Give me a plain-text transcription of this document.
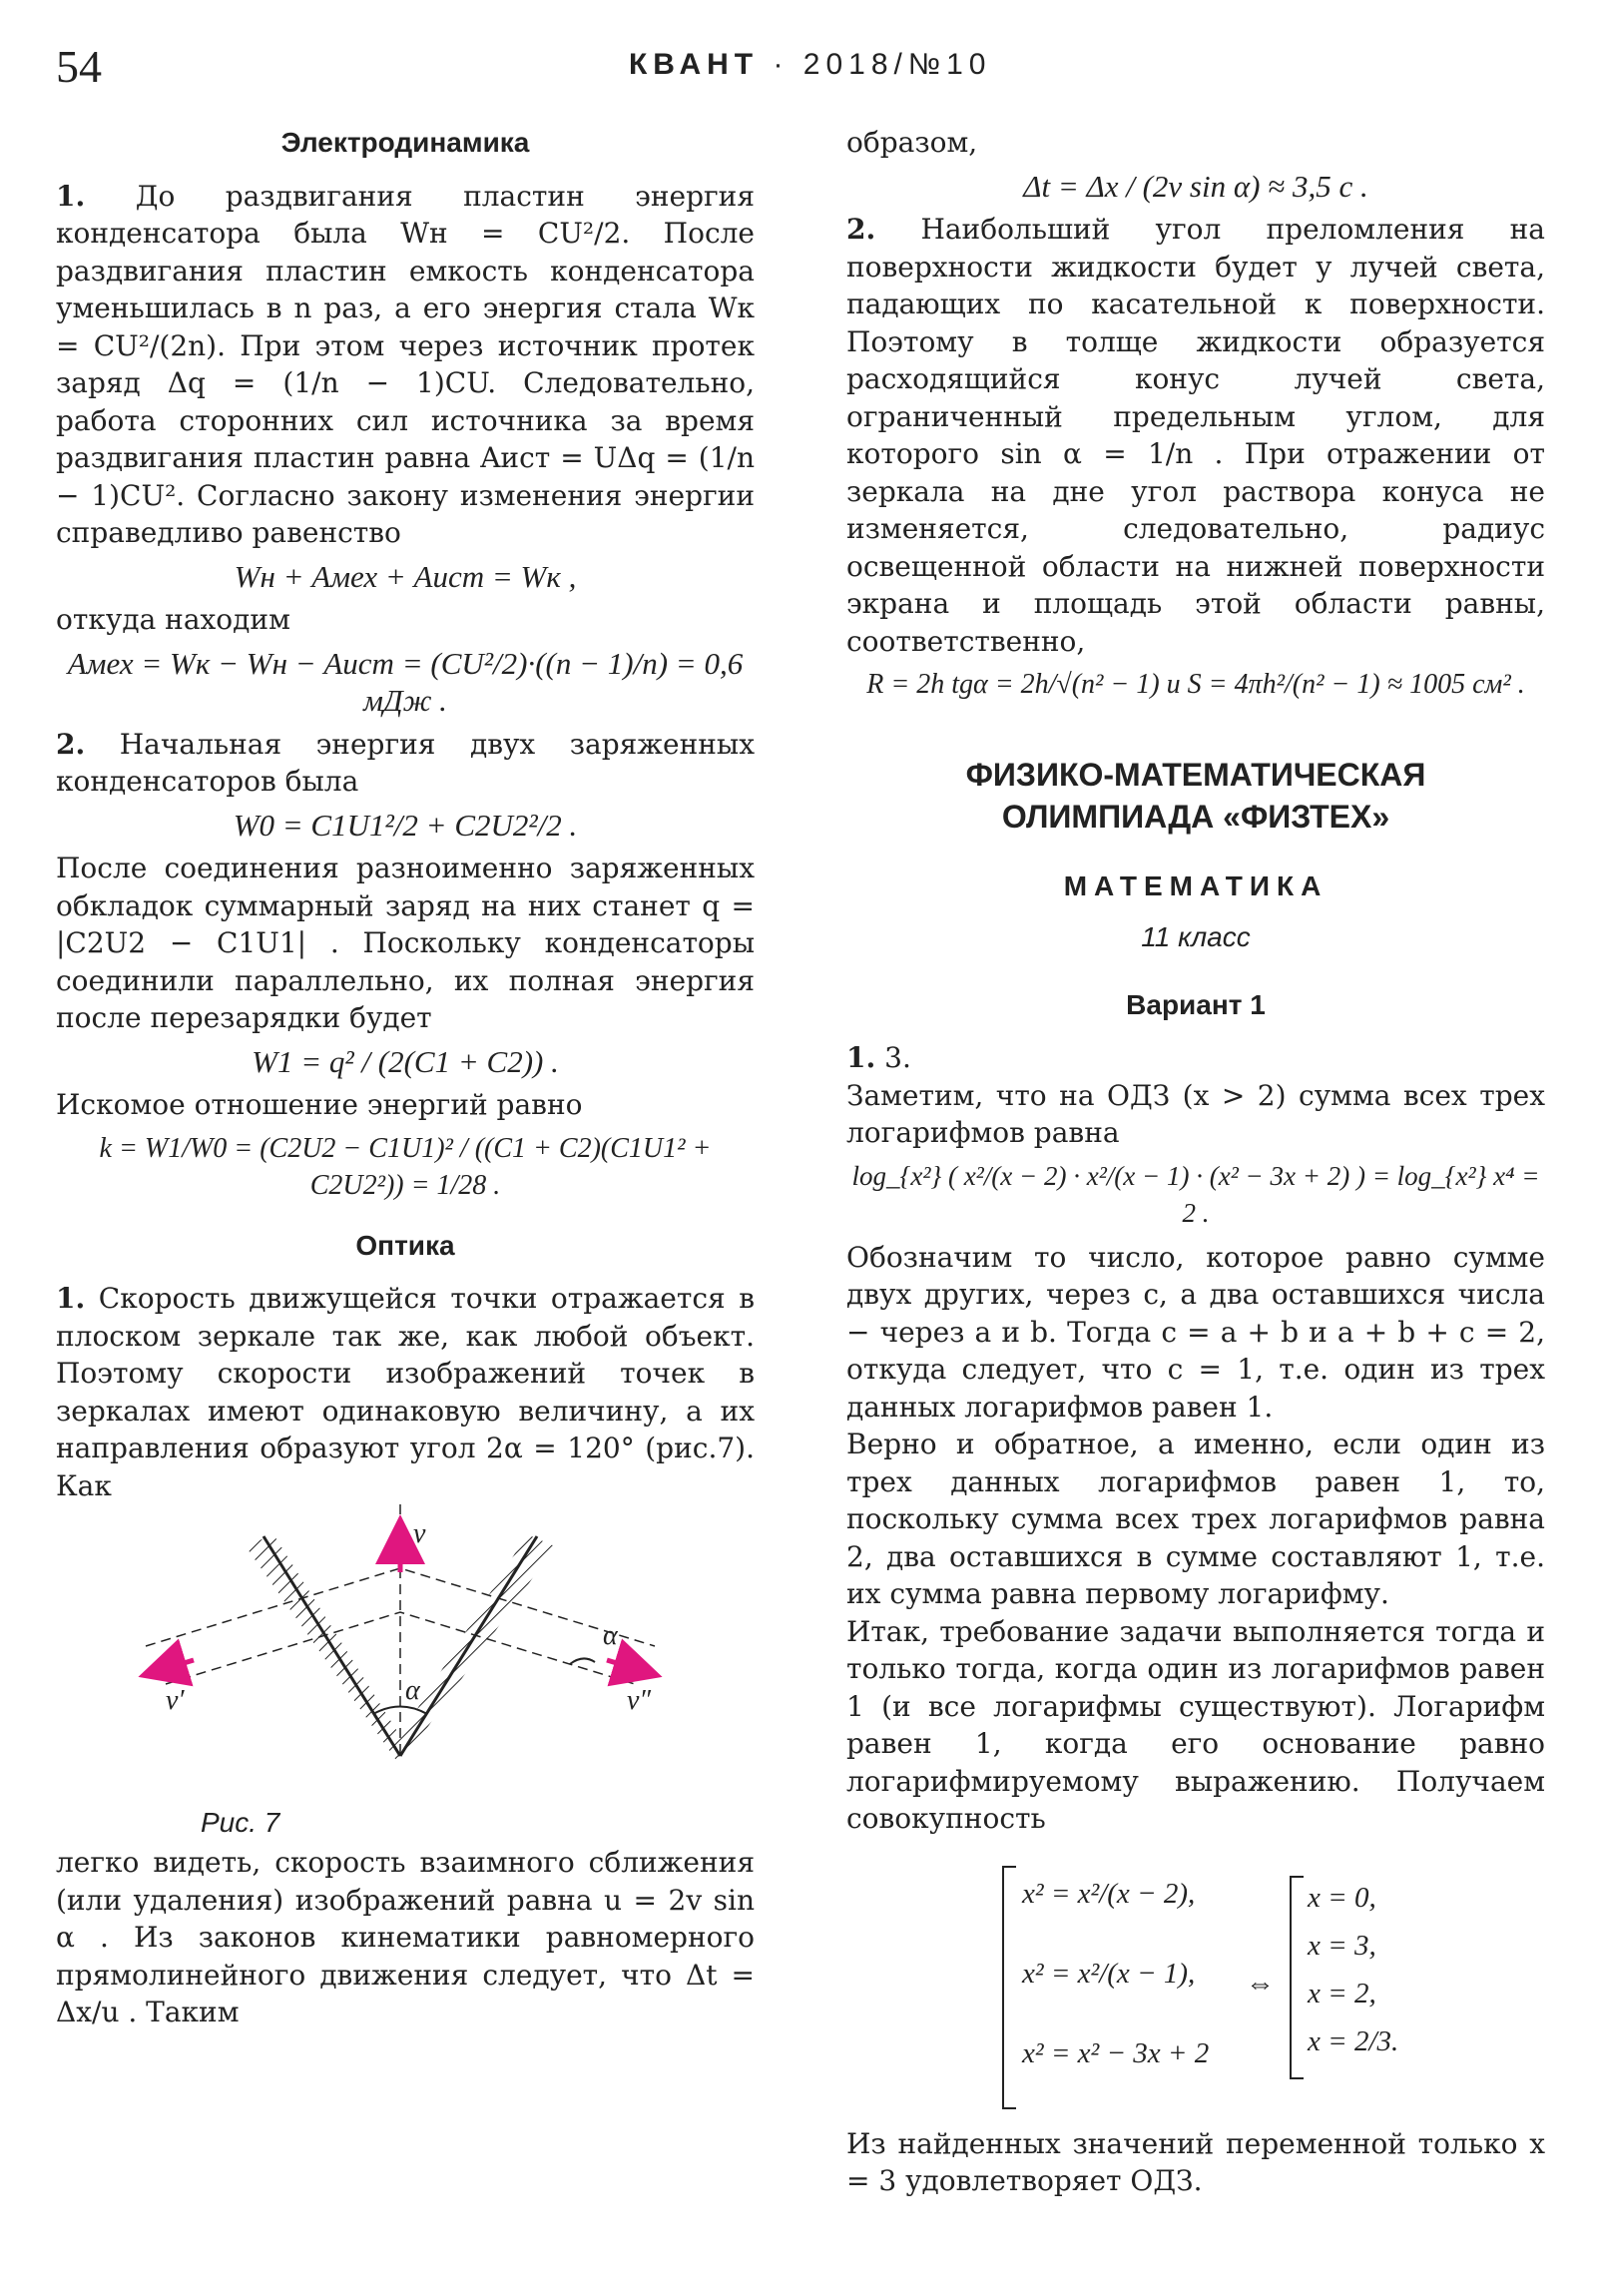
54	КВАНТ · 2018/№10
Электродинамика

1. До раздвигания пластин энергия конденсатора была Wн = CU²/2. После раздвигания пластин емкость конденсатора уменьшилась в n раз, а его энергия стала Wк = CU²/(2n). При этом через источник протек заряд Δq = (1/n − 1)CU. Следовательно, работа сторонних сил источника за время раздвигания пластин равна Aист = UΔq = (1/n − 1)CU². Согласно закону изменения энергии справедливо равенство

Wн + Aмех + Aист = Wк ,

откуда находим

Aмех = Wк − Wн − Aист = (CU²/2)·((n − 1)/n) = 0,6 мДж .

2. Начальная энергия двух заряженных конденсаторов была

W0 = C1U1²/2 + C2U2²/2 .

После соединения разноименно заряженных обкладок суммарный заряд на них станет q = |C2U2 − C1U1| . Поскольку конденсаторы соединили параллельно, их полная энергия после перезарядки будет

W1 = q² / (2(C1 + C2)) .

Искомое отношение энергий равно

k = W1/W0 = (C2U2 − C1U1)² / ((C1 + C2)(C1U1² + C2U2²)) = 1/28 .
Оптика

1. Скорость движущейся точки отражается в плоском зеркале так же, как любой объект. Поэтому скорости изображений точек в зеркалах имеют одинаковую величину, а их направления образуют угол 2α = 120° (рис.7). Как

v
v′	v″
α
α
Рис. 7

легко видеть, скорость взаимного сближения (или удаления) изображений равна u = 2v sin α . Из законов кинематики равномерного прямолинейного движения следует, что Δt = Δx/u . Таким

образом,

Δt = Δx / (2v sin α) ≈ 3,5 с .

2. Наибольший угол преломления на поверхности жидкости будет у лучей света, падающих по касательной к поверхности. Поэтому в толще жидкости образуется расходящийся конус лучей света, ограниченный предельным углом, для которого sin α = 1/n . При отражении от зеркала на дне угол раствора конуса не изменяется, следовательно, радиус освещенной области на нижней поверхности экрана и площадь этой области равны, соответственно,

R = 2h tgα = 2h/√(n² − 1) и S = 4πh²/(n² − 1) ≈ 1005 см² .
ФИЗИКО-МАТЕМАТИЧЕСКАЯ
ОЛИМПИАДА «ФИЗТЕХ»
МАТЕМАТИКА
11 класс
Вариант 1

1. 3.

Заметим, что на ОДЗ (x > 2) сумма всех трех логарифмов равна

log_{x²} ( x²/(x − 2) · x²/(x − 1) · (x² − 3x + 2) ) = log_{x²} x⁴ = 2 .

Обозначим то число, которое равно сумме двух других, через c, а два оставшихся числа − через a и b. Тогда c = a + b и a + b + c = 2, откуда следует, что c = 1, т.е. один из трех данных логарифмов равен 1.

Верно и обратное, а именно, если один из трех данных логарифмов равен 1, то, поскольку сумма всех трех логарифмов равна 2, два оставшихся в сумме составляют 1, т.е. их сумма равна первому логарифму.

Итак, требование задачи выполняется тогда и только тогда, когда один из логарифмов равен 1 (и все логарифмы существуют). Логарифм равен 1, когда его основание равно логарифмируемому выражению. Получаем совокупность

x² = x²/(x − 2),
x² = x²/(x − 1),
x² = x² − 3x + 2
⇔
x = 0,
x = 3,
x = 2,
x = 2/3.

Из найденных значений переменной только x = 3 удовлетворяет ОДЗ.
